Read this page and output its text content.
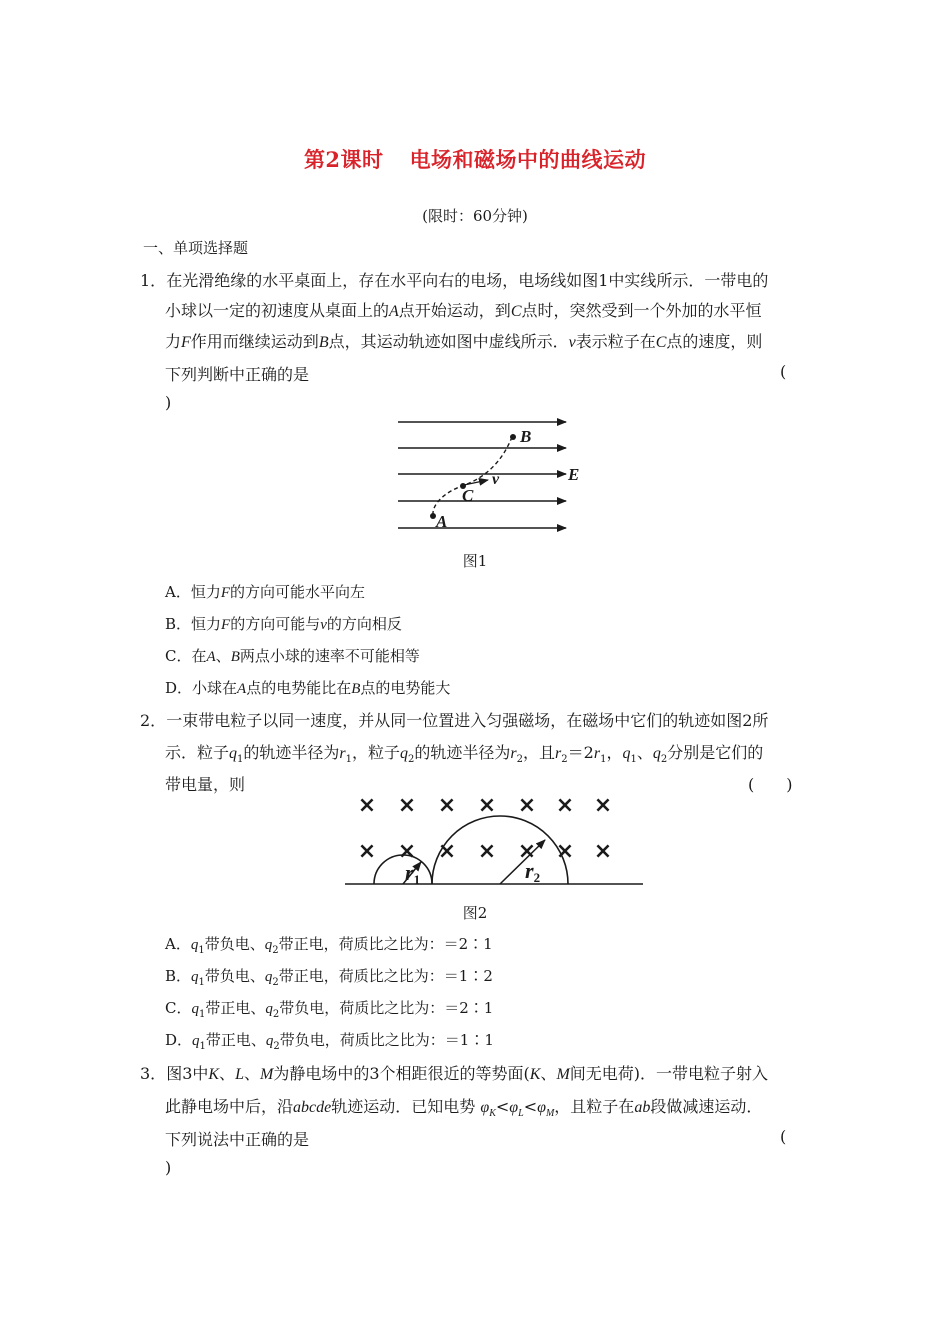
第2课时 电场和磁场中的曲线运动
(限时：60分钟)
一、单项选择题
1．在光滑绝缘的水平桌面上，存在水平向右的电场，电场线如图1中实线所示．一带电的
小球以一定的初速度从桌面上的A点开始运动，到C点时，突然受到一个外加的水平恒
力F作用而继续运动到B点，其运动轨迹如图中虚线所示．v表示粒子在C点的速度，则
下列判断中正确的是	(
)
B
C
v	E
A
图1
A．恒力F的方向可能水平向左
B．恒力F的方向可能与v的方向相反
C．在A、B两点小球的速率不可能相等
D．小球在A点的电势能比在B点的电势能大
2．一束带电粒子以同一速度，并从同一位置进入匀强磁场，在磁场中它们的轨迹如图2所
示．粒子$q_1$的轨迹半径为$r_1$，粒子$q_2$的轨迹半径为$r_2$，且$r_2=2r_1$，$q_1$、$q_2$分别是它们的
带电量，则	(　　)
× × × × × × ×
× × × × × × ×
r1	r2
图2
A．$q_1$带负电、$q_2$带正电，荷质比之比为：＝2∶1
B．$q_1$带负电、$q_2$带正电，荷质比之比为：＝1∶2
C．$q_1$带正电、$q_2$带负电，荷质比之比为：＝2∶1
D．$q_1$带正电、$q_2$带负电，荷质比之比为：＝1∶1
3．图3中K、L、M为静电场中的3个相距很近的等势面(K、M间无电荷)．一带电粒子射入
此静电场中后，沿abcde轨迹运动．已知电势 $\varphi_K<\varphi_L<\varphi_M$，且粒子在ab段做减速运动．
下列说法中正确的是	(
)
